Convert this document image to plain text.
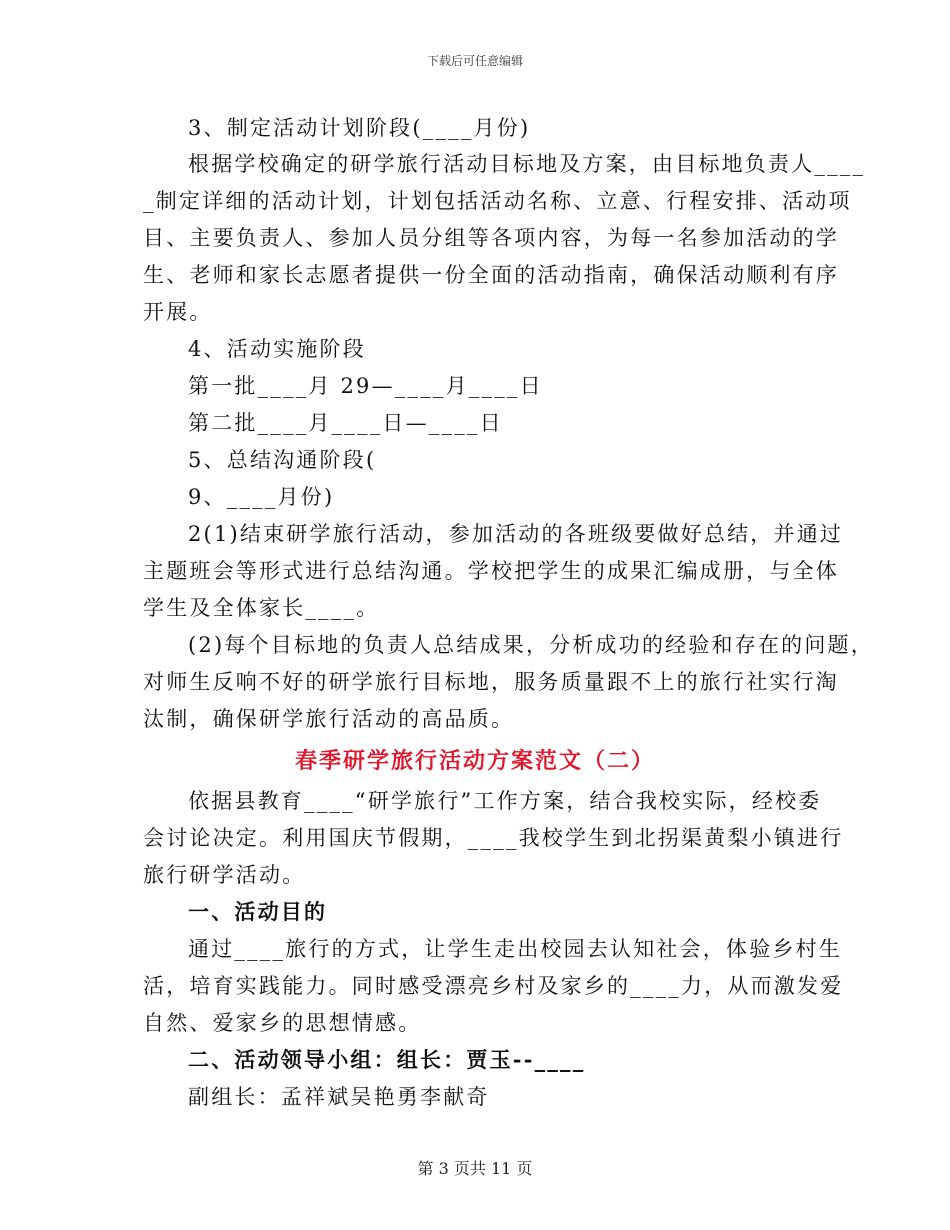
下载后可任意编辑
3、制定活动计划阶段(____月份)
根据学校确定的研学旅行活动目标地及方案，由目标地负责人____
_制定详细的活动计划，计划包括活动名称、立意、行程安排、活动项
目、主要负责人、参加人员分组等各项内容，为每一名参加活动的学
生、老师和家长志愿者提供一份全面的活动指南，确保活动顺利有序
开展。
4、活动实施阶段
第一批____月 29—____月____日
第二批____月____日—____日
5、总结沟通阶段(
9、____月份)
2(1)结束研学旅行活动，参加活动的各班级要做好总结，并通过
主题班会等形式进行总结沟通。学校把学生的成果汇编成册，与全体
学生及全体家长____。
(2)每个目标地的负责人总结成果，分析成功的经验和存在的问题，
对师生反响不好的研学旅行目标地，服务质量跟不上的旅行社实行淘
汰制，确保研学旅行活动的高品质。
春季研学旅行活动方案范文（二）
依据县教育____“研学旅行”工作方案，结合我校实际，经校委
会讨论决定。利用国庆节假期，____我校学生到北拐渠黄梨小镇进行
旅行研学活动。
一、活动目的
通过____旅行的方式，让学生走出校园去认知社会，体验乡村生
活，培育实践能力。同时感受漂亮乡村及家乡的____力，从而激发爱
自然、爱家乡的思想情感。
二、活动领导小组：组长：贾玉--____
副组长：孟祥斌吴艳勇李献奇
第 3 页共 11 页
